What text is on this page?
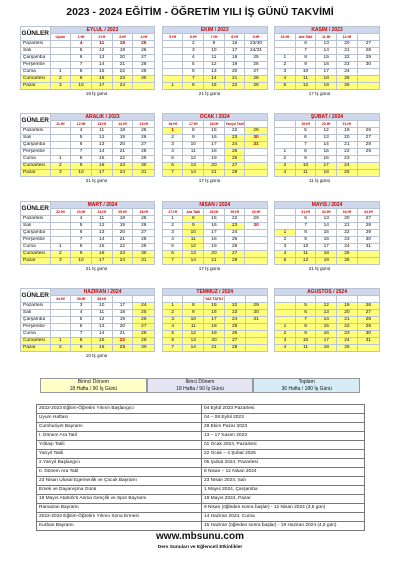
2023 - 2024 EĞİTİM - ÖĞRETİM YILI İŞ GÜNÜ TAKVİMİ
GÜNLER	EYLÜL / 2023						EKİM / 2023						KASIM / 2023				
	Uyum	1.Hf	2.Hf	3.Hf	4.Hf		5.Hf	6.Hf	7.Hf	8.Hf	9.Hf		10.Hf	Ara Tatil	11.Hf	12.Hf	
Pazartesi		4	11	18	25			2	9	16	23/30			6	13	20	27
Salı		5	12	19	26			3	10	17	24/31			7	14	21	28
Çarşamba		6	13	20	27			4	11	18	25		1	8	15	22	29
Perşembe		7	14	21	28			5	12	19	26		2	9	16	23	30
Cuma	1	8	15	22	29			6	13	20	27		3	10	17	24	
Cumartesi	2	9	16	23	30			7	14	21	28		4	11	18	25	
Pazar	3	10	17	24			1	8	15	22	29		5	12	19	26	
19 İş günü	21 İş günü	17 İş günü
GÜNLER	ARALIK / 2023						OCAK / 2024						ŞUBAT / 2024				
	11.Hf	12.Hf	13.Hf	14.Hf	15.Hf		16.Hf	17.Hf	18.Hf	Yarıyıl Tatil				19.Hf	20.Hf	21.Hf	
Pazartesi		4	11	18	25		1	8	15	22	29			5	12	19	26
Salı		5	12	19	26		2	9	16	23	30			6	13	20	27
Çarşamba		6	13	20	27		3	10	17	24	31			7	14	21	28
Perşembe		7	14	21	28		4	11	18	25			1	8	15	22	29
Cuma	1	8	15	22	29		5	12	19	26			2	9	16	23	
Cumartesi	2	9	16	23	30		6	13	20	27			3	10	17	24	
Pazar	3	10	17	24	31		7	14	21	28			4	11	18	25	
21 İş günü	17 İş günü	11 İş günü
GÜNLER	MART / 2024						NİSAN / 2024						MAYIS / 2024				
	22.Hf	23.Hf	24.Hf	25.Hf	26.Hf		27.Hf	Ara Tatil	28.Hf	29.Hf	30.Hf			31.Hf	32.Hf	33.Hf	34.Hf
Pazartesi		4	11	18	25		1	8	15	22	29			6	13	20	27
Salı		5	12	19	26		2	9	16	23	30			7	14	21	28
Çarşamba		6	13	20	27		3	10	17	24			1	8	15	22	29
Perşembe		7	14	21	28		4	11	18	25			2	9	16	23	30
Cuma	1	8	15	22	29		5	12	19	26			3	10	17	24	31
Cumartesi	2	9	16	23	30		6	13	20	27			4	11	18	25	
Pazar	3	10	17	24	31		7	14	21	28			5	12	19	26	
21 İş günü	17 İş günü	21 İş günü
GÜNLER	HAZİRAN / 2024						TEMMUZ / 2024						AĞUSTOS / 2024				
	34.Hf	35.Hf	36.Hf						YAZ TATİLİ								
Pazartesi		3	10	17	24		1	8	15	22	29			5	12	19	26
Salı		4	11	18	25		2	9	16	23	30			6	13	20	27
Çarşamba		5	12	19	26		3	10	17	24	31			7	14	21	28
Perşembe		6	13	20	27		4	11	18	25			1	8	15	22	29
Cuma		7	14	21	28		5	12	19	26			2	9	16	23	30
Cumartesi	1	8	15	22	29		6	13	20	27			3	10	17	24	31
Pazar	2	9	16	23	30		7	14	21	28			4	11	18	25	
10 İş günü
Birinci Dönem
18 Hafta / 90 İş Günü
İkinci Dönem
18 Hafta / 90 İş Günü
Toplam
36 Hafta / 180 İş Günü
2022-2023 Eğitim-Öğretim Yılının Başlangıcı	04 Eylül 2023 Pazartesi
Uyum Haftası	04 – 08 Eylül 2023
Cumhuriyet Bayramı	29 Ekim Pazar 2023
I. Dönem Ara Tatil	13 – 17 Kasım 2023
Yılbaşı Tatili	01 Ocak 2024, Pazartesi
Yarıyıl Tatili	22 Ocak – 4 Şubat 2025
2.Yarıyıl Başlangıcı	05 Şubat 2024, Pazartesi
II. Dönem Ara Tatil	8 Nisan – 12 Nisan 2024
23 Nisan Ulusal Egemenlik ve Çocuk Bayramı	23 Nisan 2024, Salı
Emek ve Dayanışma Günü	1 Mayıs 2024, Çarşamba
19 Mayıs Atatürk'ü Anma Gençlik ve Spor Bayramı	19 Mayıs 2024, Pazar
Ramazan Bayramı	9 Nisan (öğleden sonra başlar) - 12 Nisan 2024 (3,5 gün)
2022-2023 Eğitim-Öğretim Yılının Sona Ermesi	14 Haziran 2024, Cuma
Kurban Bayramı	15 Haziran (öğleden sonra başlar) - 19 Haziran 2024 (4,5 gün)
www.mbsunu.com
Ders Sunuları ve Eğlenceli Etkinlikler
